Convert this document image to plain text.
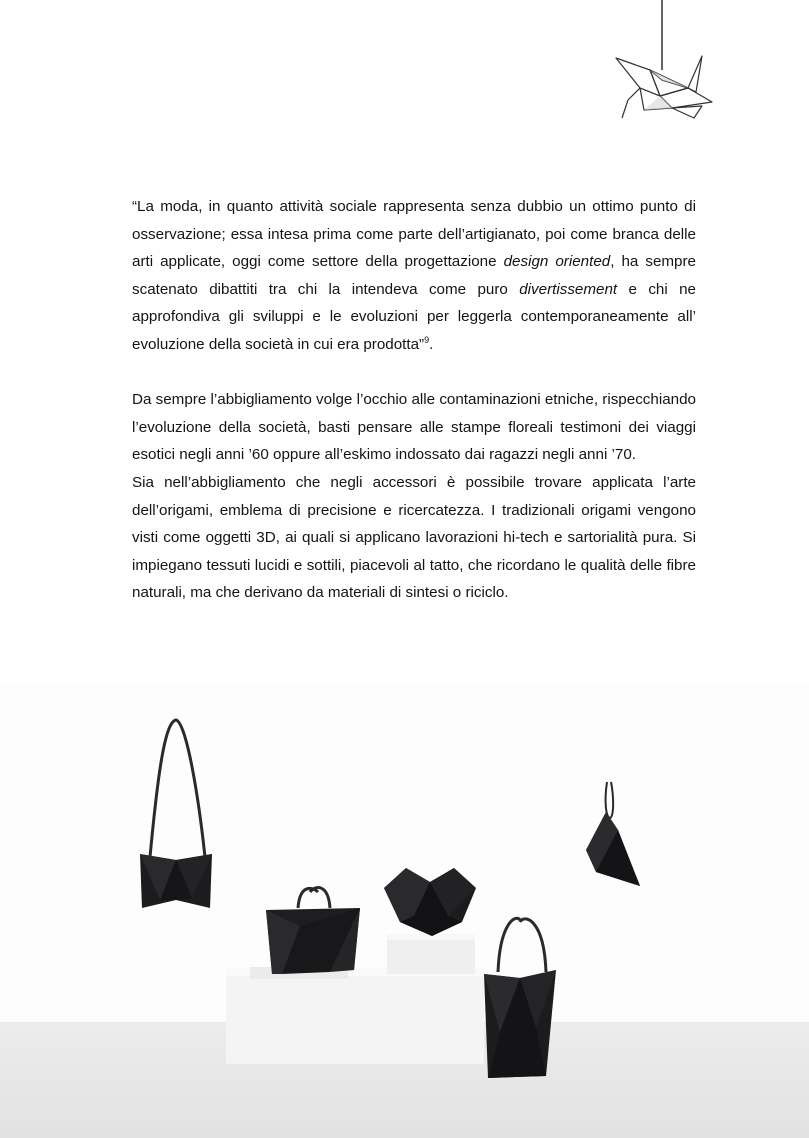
“La moda, in quanto attività sociale rappresenta senza dubbio un ottimo punto di osservazione; essa intesa prima come parte dell’artigianato, poi come branca delle arti applicate, oggi come settore della progettazione design oriented, ha sempre scatenato dibattiti tra chi la intendeva come puro divertissement e chi ne approfondiva gli sviluppi e le evoluzioni per leggerla contemporaneamente all’ evoluzione della società in cui era prodotta”$^9$.

Da sempre l’abbigliamento volge l’occhio alle contaminazioni etniche, rispecchiando l’evoluzione della società, basti pensare alle stampe floreali testimoni dei viaggi esotici negli anni ’60 oppure all’eskimo indossato dai ragazzi negli anni ’70.

Sia nell’abbigliamento che negli accessori è possibile trovare applicata l’arte dell’origami, emblema di precisione e ricercatezza. I tradizionali origami vengono visti come oggetti 3D, ai quali si applicano lavorazioni hi-tech e sartorialità pura. Si impiegano tessuti lucidi e sottili, piacevoli al tatto, che ricordano le qualità delle fibre naturali, ma che derivano da materiali di sintesi o riciclo.
